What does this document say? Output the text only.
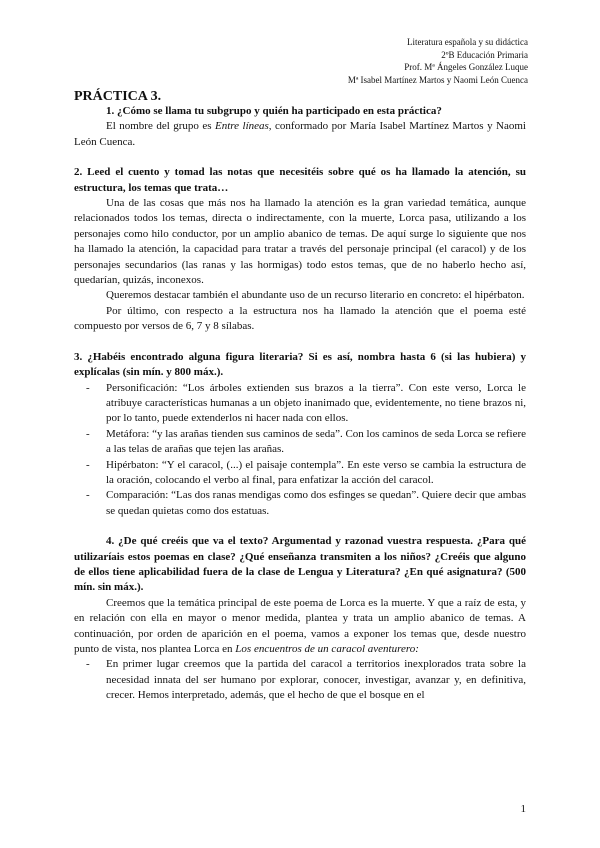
Literatura española y su didáctica
2ºB Educación Primaria
Prof. Mª Ángeles González Luque
Mª Isabel Martínez Martos y Naomi León Cuenca
PRÁCTICA 3.

1. ¿Cómo se llama tu subgrupo y quién ha participado en esta práctica?

El nombre del grupo es Entre líneas, conformado por María Isabel Martínez Martos y Naomi León Cuenca.

2. Leed el cuento y tomad las notas que necesitéis sobre qué os ha llamado la atención, su estructura, los temas que trata…

Una de las cosas que más nos ha llamado la atención es la gran variedad temática, aunque relacionados todos los temas, directa o indirectamente, con la muerte, Lorca pasa, utilizando a los personajes como hilo conductor, por un amplio abanico de temas. De aquí surge lo siguiente que nos ha llamado la atención, la capacidad para tratar a través del personaje principal (el caracol) y de los personajes secundarios (las ranas y las hormigas) todo estos temas, que de no haberlo hecho así, quedarían, quizás, inconexos.

Queremos destacar también el abundante uso de un recurso literario en concreto: el hipérbaton.

Por último, con respecto a la estructura nos ha llamado la atención que el poema esté compuesto por versos de 6, 7 y 8 sílabas.

3. ¿Habéis encontrado alguna figura literaria? Si es así, nombra hasta 6 (si las hubiera) y explícalas (sin mín. y 800 máx.).

- Personificación: “Los árboles extienden sus brazos a la tierra”. Con este verso, Lorca le atribuye características humanas a un objeto inanimado que, evidentemente, no tiene brazos ni, por lo tanto, puede extenderlos ni hacer nada con ellos.
- Metáfora: “y las arañas tienden sus caminos de seda”. Con los caminos de seda Lorca se refiere a las telas de arañas que tejen las arañas.
- Hipérbaton: “Y el caracol, (...) el paisaje contempla”. En este verso se cambia la estructura de la oración, colocando el verbo al final, para enfatizar la acción del caracol.
- Comparación: “Las dos ranas mendigas como dos esfinges se quedan”. Quiere decir que ambas se quedan quietas como dos estatuas.

4. ¿De qué creéis que va el texto? Argumentad y razonad vuestra respuesta. ¿Para qué utilizaríais estos poemas en clase? ¿Qué enseñanza transmiten a los niños? ¿Creéis que alguno de ellos tiene aplicabilidad fuera de la clase de Lengua y Literatura? ¿En qué asignatura? (500 mín. sin máx.).

Creemos que la temática principal de este poema de Lorca es la muerte. Y que a raíz de esta, y en relación con ella en mayor o menor medida, plantea y trata un amplio abanico de temas. A continuación, por orden de aparición en el poema, vamos a exponer los temas que, desde nuestro punto de vista, nos plantea Lorca en Los encuentros de un caracol aventurero:

- En primer lugar creemos que la partida del caracol a territorios inexplorados trata sobre la necesidad innata del ser humano por explorar, conocer, investigar, avanzar y, en definitiva, crecer. Hemos interpretado, además, que el hecho de que el bosque en el
1
